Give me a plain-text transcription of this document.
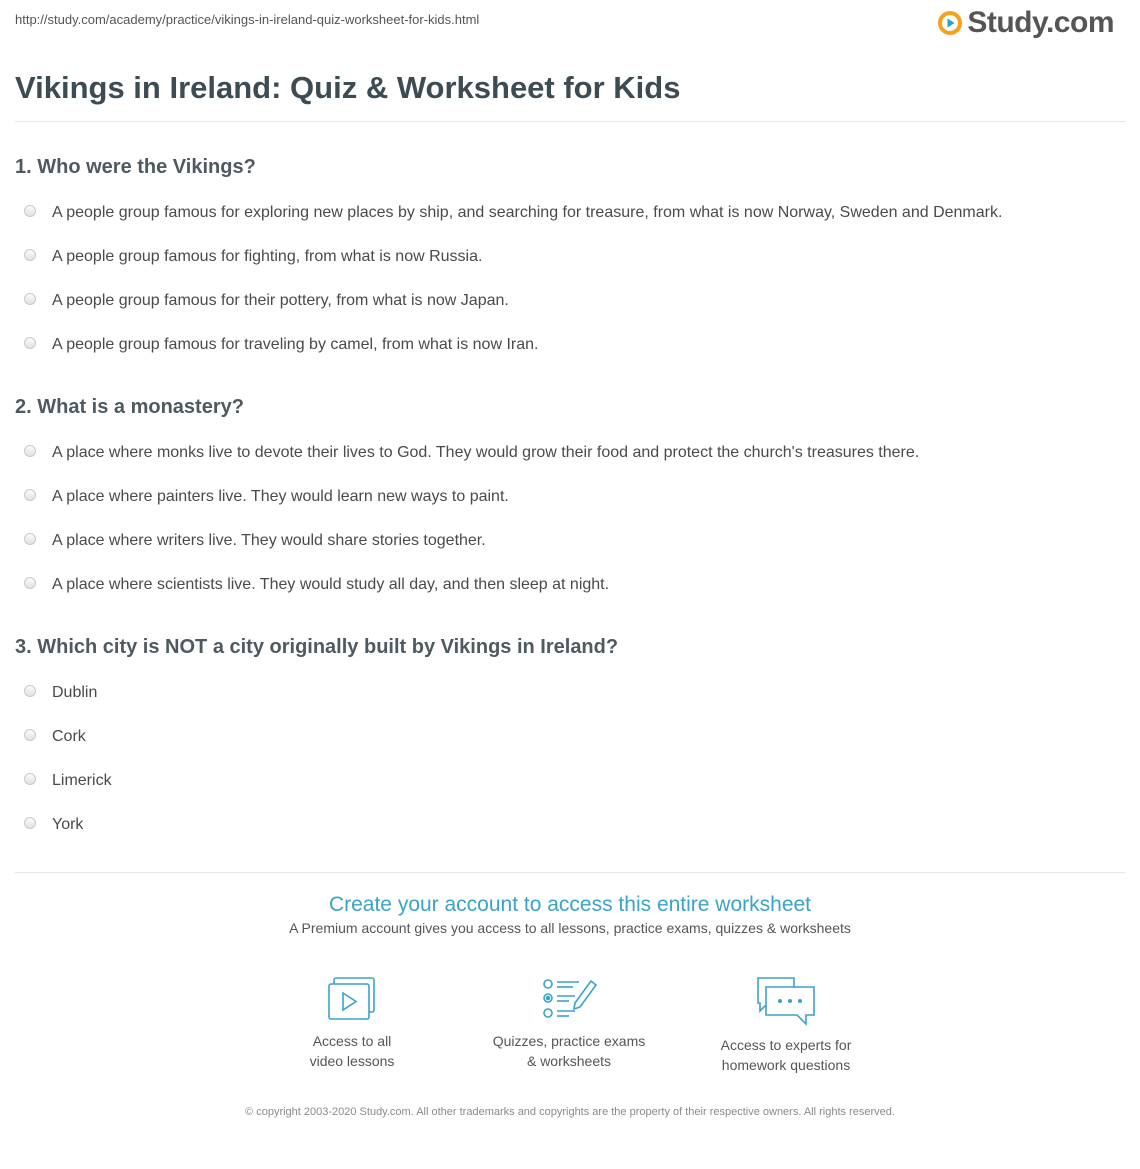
http://study.com/academy/practice/vikings-in-ireland-quiz-worksheet-for-kids.html	Study.com
Vikings in Ireland: Quiz & Worksheet for Kids
1. Who were the Vikings?
A people group famous for exploring new places by ship, and searching for treasure, from what is now Norway, Sweden and Denmark.
A people group famous for fighting, from what is now Russia.
A people group famous for their pottery, from what is now Japan.
A people group famous for traveling by camel, from what is now Iran.
2. What is a monastery?
A place where monks live to devote their lives to God. They would grow their food and protect the church's treasures there.
A place where painters live. They would learn new ways to paint.
A place where writers live. They would share stories together.
A place where scientists live. They would study all day, and then sleep at night.
3. Which city is NOT a city originally built by Vikings in Ireland?
Dublin
Cork
Limerick
York
Create your account to access this entire worksheet
A Premium account gives you access to all lessons, practice exams, quizzes & worksheets
Access to all
video lessons
Quizzes, practice exams
& worksheets
Access to experts for
homework questions
© copyright 2003-2020 Study.com. All other trademarks and copyrights are the property of their respective owners. All rights reserved.
